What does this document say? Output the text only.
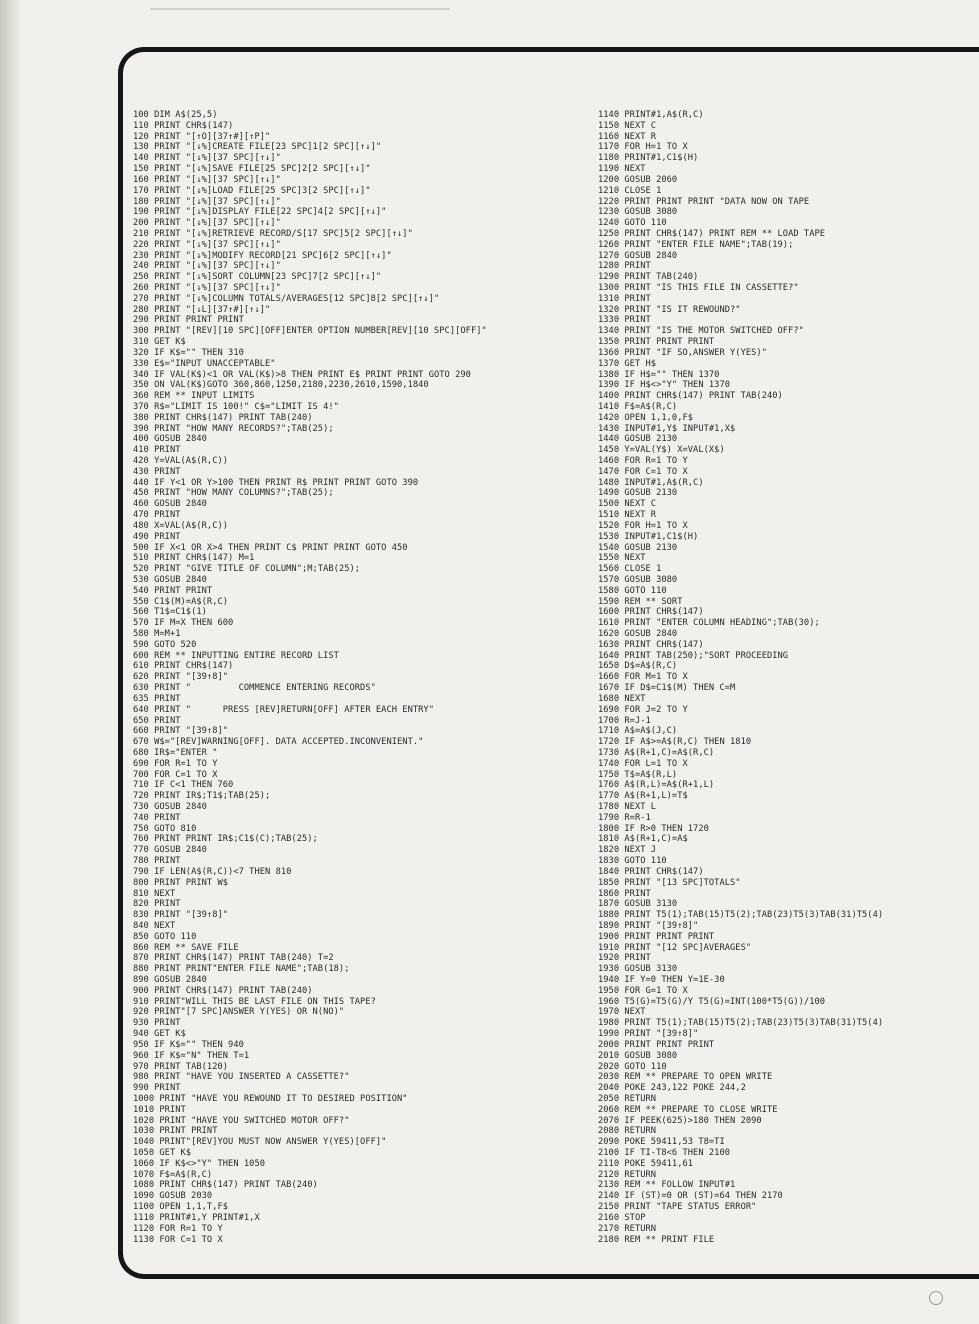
100 DIM A$(25,5)
110 PRINT CHR$(147)
120 PRINT "[↑O][37↑#][↑P]"
130 PRINT "[↓%]CREATE FILE[23 SPC]1[2 SPC][↑↓]"
140 PRINT "[↓%][37 SPC][↑↓]"
150 PRINT "[↓%]SAVE FILE[25 SPC]2[2 SPC][↑↓]"
160 PRINT "[↓%][37 SPC][↑↓]"
170 PRINT "[↓%]LOAD FILE[25 SPC]3[2 SPC][↑↓]"
180 PRINT "[↓%][37 SPC][↑↓]"
190 PRINT "[↓%]DISPLAY FILE[22 SPC]4[2 SPC][↑↓]"
200 PRINT "[↓%][37 SPC][↑↓]"
210 PRINT "[↓%]RETRIEVE RECORD/S[17 SPC]5[2 SPC][↑↓]"
220 PRINT "[↓%][37 SPC][↑↓]"
230 PRINT "[↓%]MODIFY RECORD[21 SPC]6[2 SPC][↑↓]"
240 PRINT "[↓%][37 SPC][↑↓]"
250 PRINT "[↓%]SORT COLUMN[23 SPC]7[2 SPC][↑↓]"
260 PRINT "[↓%][37 SPC][↑↓]"
270 PRINT "[↓%]COLUMN TOTALS/AVERAGES[12 SPC]8[2 SPC][↑↓]"
280 PRINT "[↓L][37↑#][↑↓]"
290 PRINT PRINT PRINT
300 PRINT "[REV][10 SPC][OFF]ENTER OPTION NUMBER[REV][10 SPC][OFF]"
310 GET K$
320 IF K$="" THEN 310
330 E$="INPUT UNACCEPTABLE"
340 IF VAL(K$)<1 OR VAL(K$)>8 THEN PRINT E$ PRINT PRINT GOTO 290
350 ON VAL(K$)GOTO 360,860,1250,2180,2230,2610,1590,1840
360 REM ** INPUT LIMITS
370 R$="LIMIT IS 100!" C$="LIMIT IS 4!"
380 PRINT CHR$(147) PRINT TAB(240)
390 PRINT "HOW MANY RECORDS?";TAB(25);
400 GOSUB 2840
410 PRINT
420 Y=VAL(A$(R,C))
430 PRINT
440 IF Y<1 OR Y>100 THEN PRINT R$ PRINT PRINT GOTO 390
450 PRINT "HOW MANY COLUMNS?";TAB(25);
460 GOSUB 2840
470 PRINT
480 X=VAL(A$(R,C))
490 PRINT
500 IF X<1 OR X>4 THEN PRINT C$ PRINT PRINT GOTO 450
510 PRINT CHR$(147) M=1
520 PRINT "GIVE TITLE OF COLUMN";M;TAB(25);
530 GOSUB 2840
540 PRINT PRINT
550 C1$(M)=A$(R,C)
560 T1$=C1$(1)
570 IF M=X THEN 600
580 M=M+1
590 GOTO 520
600 REM ** INPUTTING ENTIRE RECORD LIST
610 PRINT CHR$(147)
620 PRINT "[39↑8]"
630 PRINT "         COMMENCE ENTERING RECORDS"
635 PRINT
640 PRINT "      PRESS [REV]RETURN[OFF] AFTER EACH ENTRY"
650 PRINT
660 PRINT "[39↑8]"
670 W$="[REV]WARNING[OFF]. DATA ACCEPTED.INCONVENIENT."
680 IR$="ENTER "
690 FOR R=1 TO Y
700 FOR C=1 TO X
710 IF C<1 THEN 760
720 PRINT IR$;T1$;TAB(25);
730 GOSUB 2840
740 PRINT
750 GOTO 810
760 PRINT PRINT IR$;C1$(C);TAB(25);
770 GOSUB 2840
780 PRINT
790 IF LEN(A$(R,C))<7 THEN 810
800 PRINT PRINT W$
810 NEXT
820 PRINT
830 PRINT "[39↑8]"
840 NEXT
850 GOTO 110
860 REM ** SAVE FILE
870 PRINT CHR$(147) PRINT TAB(240) T=2
880 PRINT PRINT"ENTER FILE NAME";TAB(18);
890 GOSUB 2840
900 PRINT CHR$(147) PRINT TAB(240)
910 PRINT"WILL THIS BE LAST FILE ON THIS TAPE?
920 PRINT"[7 SPC]ANSWER Y(YES) OR N(NO)"
930 PRINT
940 GET K$
950 IF K$="" THEN 940
960 IF K$="N" THEN T=1
970 PRINT TAB(120)
980 PRINT "HAVE YOU INSERTED A CASSETTE?"
990 PRINT
1000 PRINT "HAVE YOU REWOUND IT TO DESIRED POSITION"
1010 PRINT
1020 PRINT "HAVE YOU SWITCHED MOTOR OFF?"
1030 PRINT PRINT
1040 PRINT"[REV]YOU MUST NOW ANSWER Y(YES)[OFF]"
1050 GET K$
1060 IF K$<>"Y" THEN 1050
1070 F$=A$(R,C)
1080 PRINT CHR$(147) PRINT TAB(240)
1090 GOSUB 2030
1100 OPEN 1,1,T,F$
1110 PRINT#1,Y PRINT#1,X
1120 FOR R=1 TO Y
1130 FOR C=1 TO X
1140 PRINT#1,A$(R,C)
1150 NEXT C
1160 NEXT R
1170 FOR H=1 TO X
1180 PRINT#1,C1$(H)
1190 NEXT
1200 GOSUB 2060
1210 CLOSE 1
1220 PRINT PRINT PRINT "DATA NOW ON TAPE
1230 GOSUB 3080
1240 GOTO 110
1250 PRINT CHR$(147) PRINT REM ** LOAD TAPE
1260 PRINT "ENTER FILE NAME";TAB(19);
1270 GOSUB 2840
1280 PRINT
1290 PRINT TAB(240)
1300 PRINT "IS THIS FILE IN CASSETTE?"
1310 PRINT
1320 PRINT "IS IT REWOUND?"
1330 PRINT
1340 PRINT "IS THE MOTOR SWITCHED OFF?"
1350 PRINT PRINT PRINT
1360 PRINT "IF SO,ANSWER Y(YES)"
1370 GET H$
1380 IF H$="" THEN 1370
1390 IF H$<>"Y" THEN 1370
1400 PRINT CHR$(147) PRINT TAB(240)
1410 F$=A$(R,C)
1420 OPEN 1,1,0,F$
1430 INPUT#1,Y$ INPUT#1,X$
1440 GOSUB 2130
1450 Y=VAL(Y$) X=VAL(X$)
1460 FOR R=1 TO Y
1470 FOR C=1 TO X
1480 INPUT#1,A$(R,C)
1490 GOSUB 2130
1500 NEXT C
1510 NEXT R
1520 FOR H=1 TO X
1530 INPUT#1,C1$(H)
1540 GOSUB 2130
1550 NEXT
1560 CLOSE 1
1570 GOSUB 3080
1580 GOTO 110
1590 REM ** SORT
1600 PRINT CHR$(147)
1610 PRINT "ENTER COLUMN HEADING";TAB(30);
1620 GOSUB 2840
1630 PRINT CHR$(147)
1640 PRINT TAB(250);"SORT PROCEEDING
1650 D$=A$(R,C)
1660 FOR M=1 TO X
1670 IF D$=C1$(M) THEN C=M
1680 NEXT
1690 FOR J=2 TO Y
1700 R=J-1
1710 A$=A$(J,C)
1720 IF A$>=A$(R,C) THEN 1810
1730 A$(R+1,C)=A$(R,C)
1740 FOR L=1 TO X
1750 T$=A$(R,L)
1760 A$(R,L)=A$(R+1,L)
1770 A$(R+1,L)=T$
1780 NEXT L
1790 R=R-1
1800 IF R>0 THEN 1720
1810 A$(R+1,C)=A$
1820 NEXT J
1830 GOTO 110
1840 PRINT CHR$(147)
1850 PRINT "[13 SPC]TOTALS"
1860 PRINT
1870 GOSUB 3130
1880 PRINT T5(1);TAB(15)T5(2);TAB(23)T5(3)TAB(31)T5(4)
1890 PRINT "[39↑8]"
1900 PRINT PRINT PRINT
1910 PRINT "[12 SPC]AVERAGES"
1920 PRINT
1930 GOSUB 3130
1940 IF Y=0 THEN Y=1E-30
1950 FOR G=1 TO X
1960 T5(G)=T5(G)/Y T5(G)=INT(100*T5(G))/100
1970 NEXT
1980 PRINT T5(1);TAB(15)T5(2);TAB(23)T5(3)TAB(31)T5(4)
1990 PRINT "[39↑8]"
2000 PRINT PRINT PRINT
2010 GOSUB 3080
2020 GOTO 110
2030 REM ** PREPARE TO OPEN WRITE
2040 POKE 243,122 POKE 244,2
2050 RETURN
2060 REM ** PREPARE TO CLOSE WRITE
2070 IF PEEK(625)>180 THEN 2090
2080 RETURN
2090 POKE 59411,53 T8=TI
2100 IF TI-T8<6 THEN 2100
2110 POKE 59411,61
2120 RETURN
2130 REM ** FOLLOW INPUT#1
2140 IF (ST)=0 OR (ST)=64 THEN 2170
2150 PRINT "TAPE STATUS ERROR"
2160 STOP
2170 RETURN
2180 REM ** PRINT FILE
